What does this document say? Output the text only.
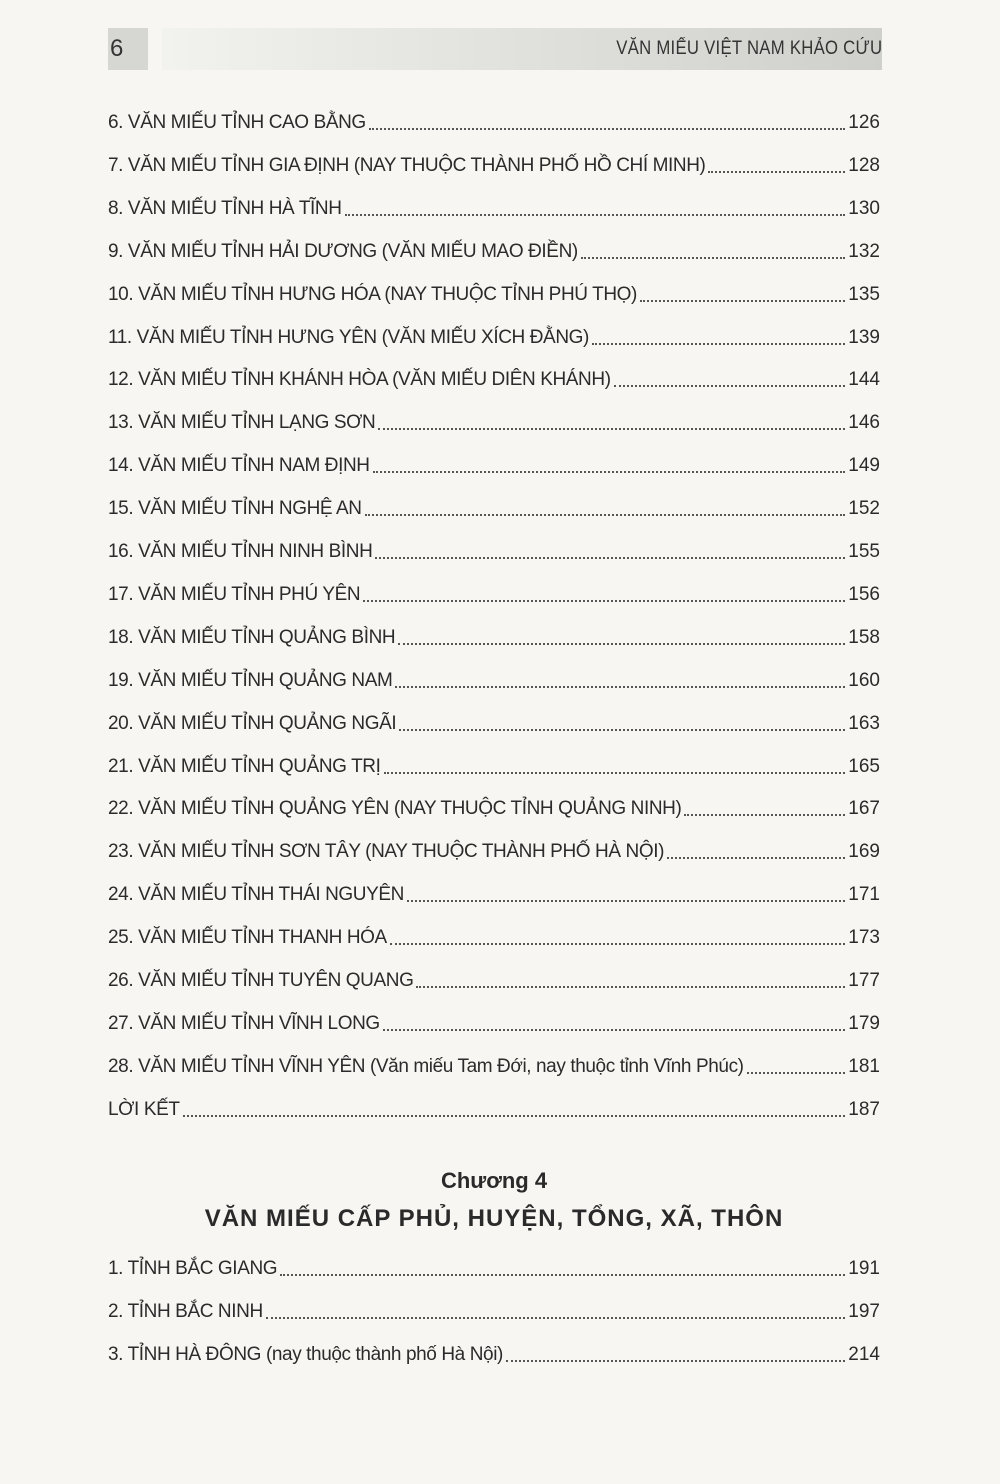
6	VĂN MIẾU VIỆT NAM KHẢO CỨU
Chương 4
VĂN MIẾU CẤP PHỦ, HUYỆN, TỔNG, XÃ, THÔN
6. VĂN MIẾU TỈNH CAO BẰNG	126
7. VĂN MIẾU TỈNH GIA ĐỊNH (NAY THUỘC THÀNH PHỐ HỒ CHÍ MINH)	128
8. VĂN MIẾU TỈNH HÀ TĨNH	130
9. VĂN MIẾU TỈNH HẢI DƯƠNG (VĂN MIẾU MAO ĐIỀN)	132
10. VĂN MIẾU TỈNH HƯNG HÓA (NAY THUỘC TỈNH PHÚ THỌ)	135
11. VĂN MIẾU TỈNH HƯNG YÊN (VĂN MIẾU XÍCH ĐẰNG)	139
12. VĂN MIẾU TỈNH KHÁNH HÒA (VĂN MIẾU DIÊN KHÁNH)	144
13. VĂN MIẾU TỈNH LẠNG SƠN	146
14. VĂN MIẾU TỈNH NAM ĐỊNH	149
15. VĂN MIẾU TỈNH NGHỆ AN	152
16. VĂN MIẾU TỈNH NINH BÌNH	155
17. VĂN MIẾU TỈNH PHÚ YÊN	156
18. VĂN MIẾU TỈNH QUẢNG BÌNH	158
19. VĂN MIẾU TỈNH QUẢNG NAM	160
20. VĂN MIẾU TỈNH QUẢNG NGÃI	163
21. VĂN MIẾU TỈNH QUẢNG TRỊ	165
22. VĂN MIẾU TỈNH QUẢNG YÊN (NAY THUỘC TỈNH QUẢNG NINH)	167
23. VĂN MIẾU TỈNH SƠN TÂY (NAY THUỘC THÀNH PHỐ HÀ NỘI)	169
24. VĂN MIẾU TỈNH THÁI NGUYÊN	171
25. VĂN MIẾU TỈNH THANH HÓA	173
26. VĂN MIẾU TỈNH TUYÊN QUANG	177
27. VĂN MIẾU TỈNH VĨNH LONG	179
28. VĂN MIẾU TỈNH VĨNH YÊN (Văn miếu Tam Đới, nay thuộc tỉnh Vĩnh Phúc)	181
LỜI KẾT	187
1. TỈNH BẮC GIANG	191
2. TỈNH BẮC NINH	197
3. TỈNH HÀ ĐÔNG (nay thuộc thành phố Hà Nội)	214
